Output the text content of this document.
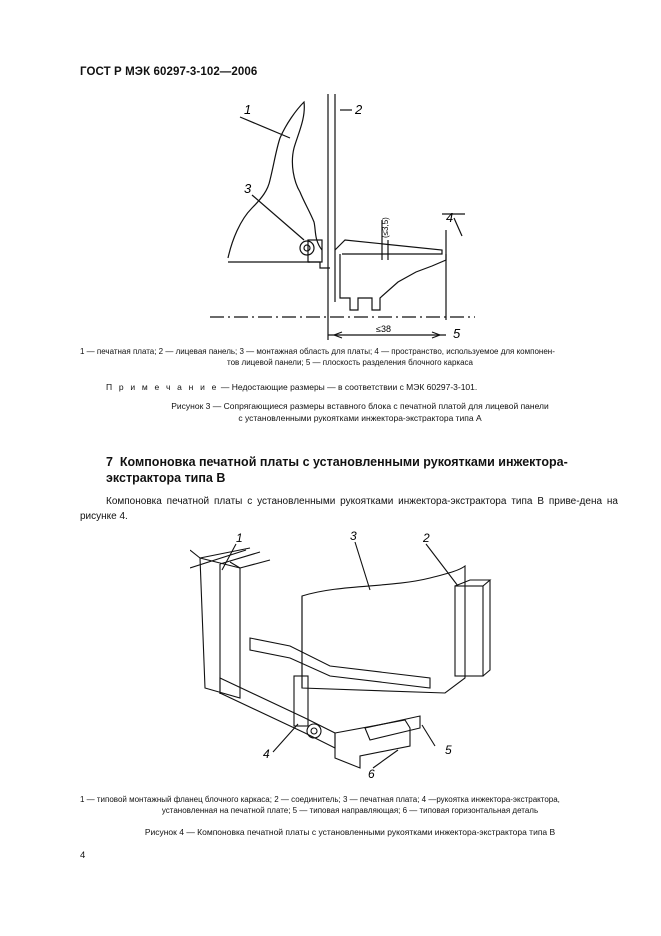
ГОСТ Р МЭК 60297-3-102—2006
1	2
3
4
5
(≤3,5)
≤38
1 — печатная плата; 2 — лицевая панель; 3 — монтажная область для платы; 4 — пространство, используемое для компонен-
тов лицевой панели; 5 — плоскость разделения блочного каркаса
П р и м е ч а н и е — Недостающие размеры — в соответствии с МЭК 60297-3-101.
Рисунок 3 — Сопрягающиеся размеры вставного блока с печатной платой для лицевой панели
с установленными рукоятками инжектора-экстрактора типа А
7 Компоновка печатной платы с установленными рукоятками инжектора-экстрактора типа В
Компоновка печатной платы с установленными рукоятками инжектора-экстрактора типа В приве-дена на рисунке 4.
1	2
3
4	5
6
1 — типовой монтажный фланец блочного каркаса; 2 — соединитель; 3 — печатная плата; 4 —рукоятка инжектора-экстрактора,
установленная на печатной плате; 5 — типовая направляющая; 6 — типовая горизонтальная деталь
Рисунок 4 — Компоновка печатной платы с установленными рукоятками инжектора-экстрактора типа В
4
